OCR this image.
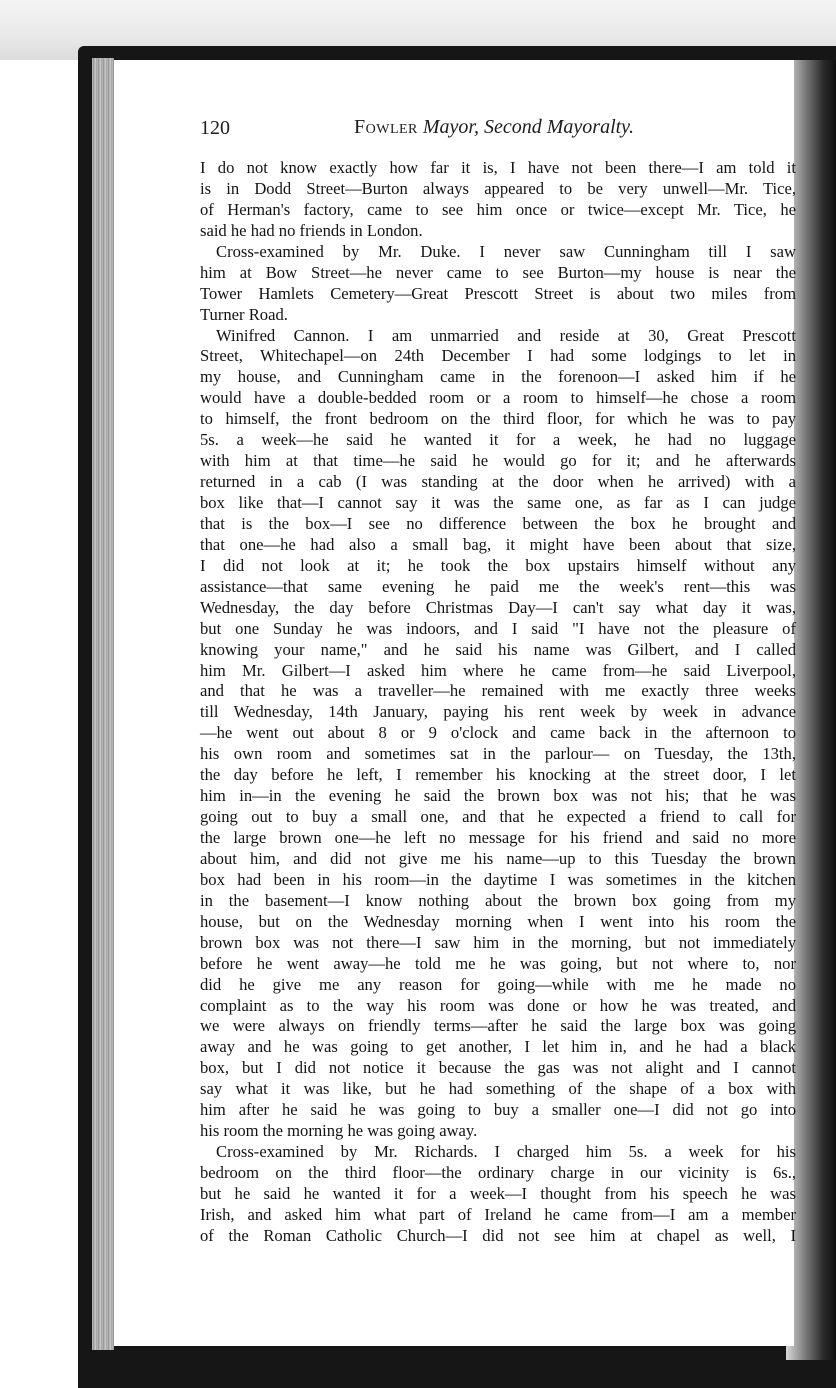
120	Fowler Mayor, Second Mayoralty.
I do not know exactly how far it is, I have not been there—I am told it
is in Dodd Street—Burton always appeared to be very unwell—Mr. Tice,
of Herman's factory, came to see him once or twice—except Mr. Tice, he
said he had no friends in London.
Cross-examined by Mr. Duke. I never saw Cunningham till I saw
him at Bow Street—he never came to see Burton—my house is near the
Tower Hamlets Cemetery—Great Prescott Street is about two miles from
Turner Road.
Winifred Cannon. I am unmarried and reside at 30, Great Prescott
Street, Whitechapel—on 24th December I had some lodgings to let in
my house, and Cunningham came in the forenoon—I asked him if he
would have a double-bedded room or a room to himself—he chose a room
to himself, the front bedroom on the third floor, for which he was to pay
5s. a week—he said he wanted it for a week, he had no luggage
with him at that time—he said he would go for it; and he afterwards
returned in a cab (I was standing at the door when he arrived) with a
box like that—I cannot say it was the same one, as far as I can judge
that is the box—I see no difference between the box he brought and
that one—he had also a small bag, it might have been about that size,
I did not look at it; he took the box upstairs himself without any
assistance—that same evening he paid me the week's rent—this was
Wednesday, the day before Christmas Day—I can't say what day it was,
but one Sunday he was indoors, and I said "I have not the pleasure of
knowing your name," and he said his name was Gilbert, and I called
him Mr. Gilbert—I asked him where he came from—he said Liverpool,
and that he was a traveller—he remained with me exactly three weeks
till Wednesday, 14th January, paying his rent week by week in advance
—he went out about 8 or 9 o'clock and came back in the afternoon to
his own room and sometimes sat in the parlour— on Tuesday, the 13th,
the day before he left, I remember his knocking at the street door, I let
him in—in the evening he said the brown box was not his; that he was
going out to buy a small one, and that he expected a friend to call for
the large brown one—he left no message for his friend and said no more
about him, and did not give me his name—up to this Tuesday the brown
box had been in his room—in the daytime I was sometimes in the kitchen
in the basement—I know nothing about the brown box going from my
house, but on the Wednesday morning when I went into his room the
brown box was not there—I saw him in the morning, but not immediately
before he went away—he told me he was going, but not where to, nor
did he give me any reason for going—while with me he made no
complaint as to the way his room was done or how he was treated, and
we were always on friendly terms—after he said the large box was going
away and he was going to get another, I let him in, and he had a black
box, but I did not notice it because the gas was not alight and I cannot
say what it was like, but he had something of the shape of a box with
him after he said he was going to buy a smaller one—I did not go into
his room the morning he was going away.
Cross-examined by Mr. Richards. I charged him 5s. a week for his
bedroom on the third floor—the ordinary charge in our vicinity is 6s.,
but he said he wanted it for a week—I thought from his speech he was
Irish, and asked him what part of Ireland he came from—I am a member
of the Roman Catholic Church—I did not see him at chapel as well, I
